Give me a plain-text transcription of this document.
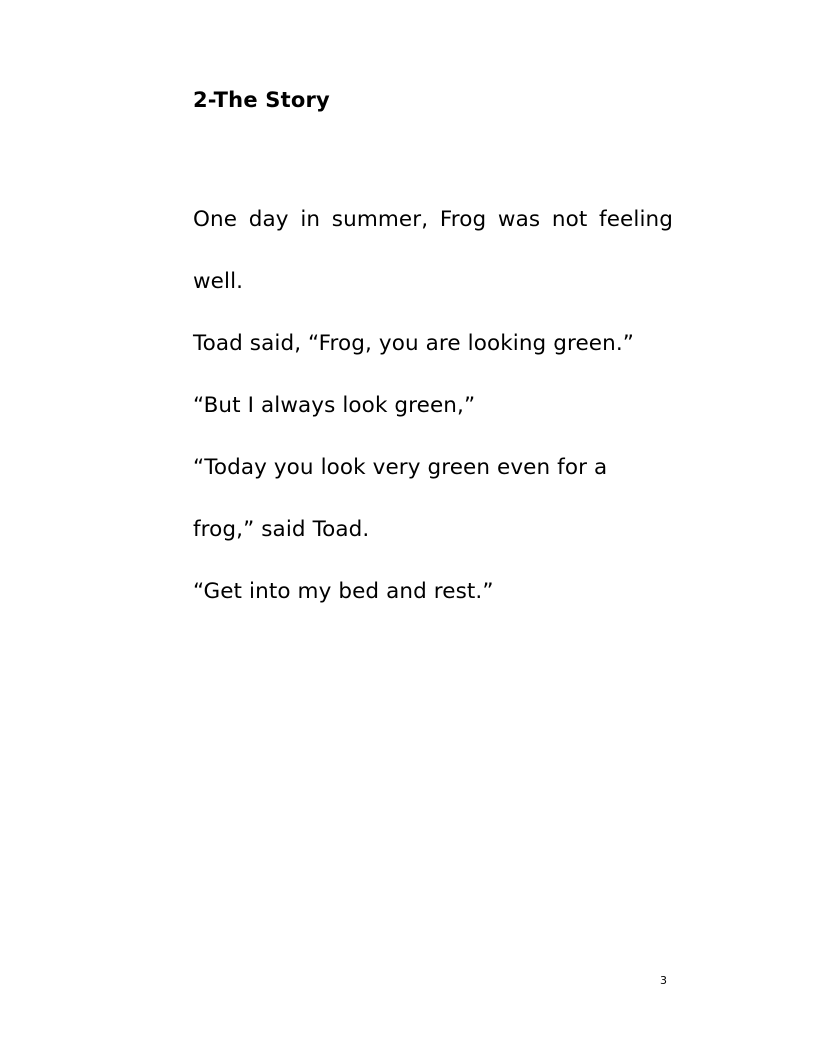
2-The Story

One day in summer, Frog was not feeling well.

Toad said, “Frog, you are looking green.”

“But I always look green,”

“Today you look very green even for a frog,” said Toad.

“Get into my bed and rest.”

3
